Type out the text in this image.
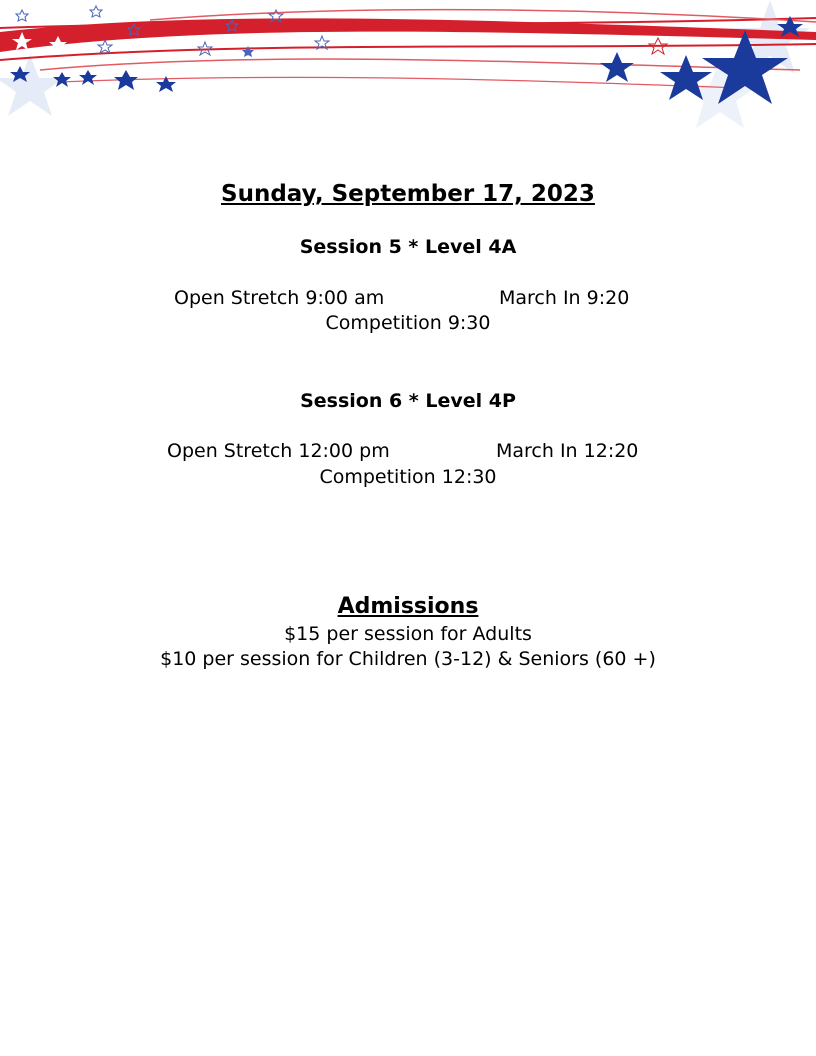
Sunday, September 17, 2023
Session 5 * Level 4A
Open Stretch 9:00 am	March In 9:20
Competition 9:30
Session 6 * Level 4P
Open Stretch 12:00 pm	March In 12:20
Competition 12:30
Admissions
$15 per session for Adults
$10 per session for Children (3-12) & Seniors (60 +)
